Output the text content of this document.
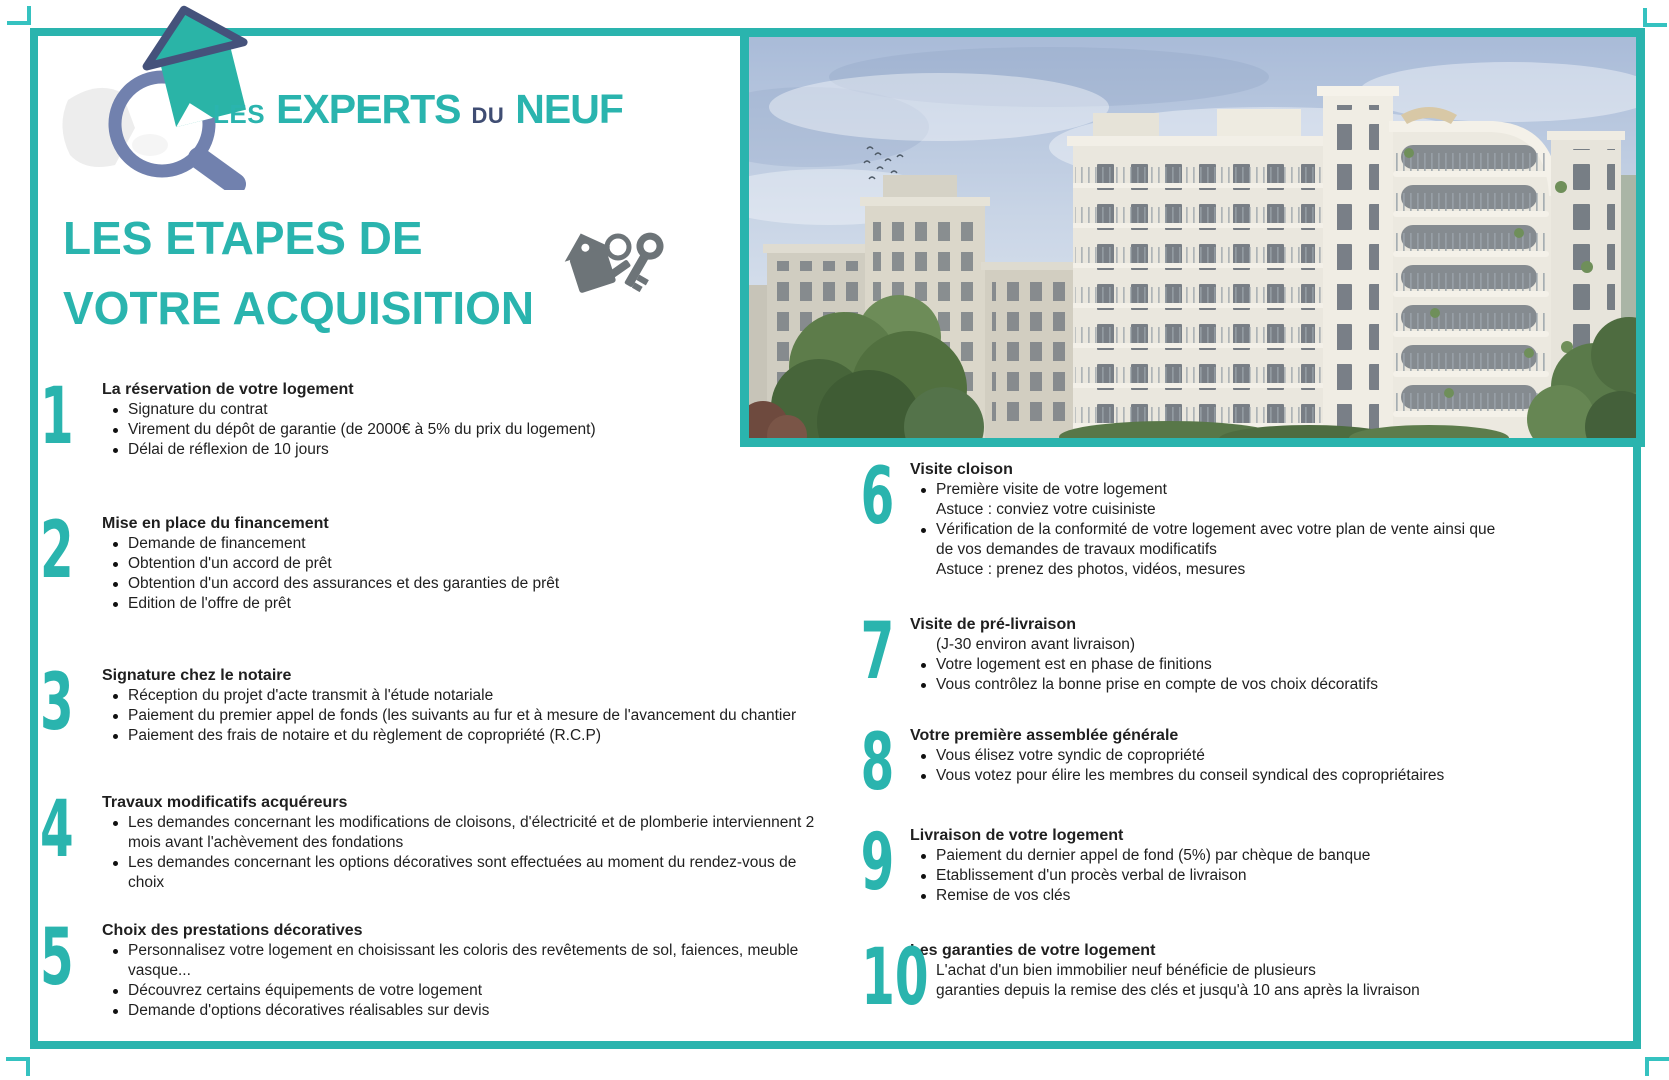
LES EXPERTS DU NEUF
LES ETAPES DE
VOTRE ACQUISITION
1	La réservation de votre logement
Signature du contrat
Virement du dépôt de garantie (de 2000€ à 5% du prix du logement)
Délai de réflexion de 10 jours
2	Mise en place du financement
Demande de financement
Obtention d'un accord de prêt
Obtention d'un accord des assurances et des garanties de prêt
Edition de l'offre de prêt
3	Signature chez le notaire
Réception du projet d'acte transmit à l'étude notariale
Paiement du premier appel de fonds (les suivants au fur et à mesure de l'avancement du chantier
Paiement des frais de notaire et du règlement de copropriété (R.C.P)
4	Travaux modificatifs acquéreurs
Les demandes concernant les modifications de cloisons, d'électricité et de plomberie interviennent 2 mois avant l'achèvement des fondations
Les demandes concernant les options décoratives sont effectuées au moment du rendez-vous de choix
5	Choix des prestations décoratives
Personnalisez votre logement en choisissant les coloris des revêtements de sol, faiences, meuble vasque...
Découvrez certains équipements de votre logement
Demande d'options décoratives réalisables sur devis
6 Visite cloison
Première visite de votre logement
Astuce : conviez votre cuisiniste
Vérification de la conformité de votre logement avec votre plan de vente ainsi que de vos demandes de travaux modificatifs
Astuce : prenez des photos, vidéos, mesures
7 Visite de pré-livraison
(J-30 environ avant livraison)
Votre logement est en phase de finitions
Vous contrôlez la bonne prise en compte de vos choix décoratifs
8 Votre première assemblée générale
Vous élisez votre syndic de copropriété
Vous votez pour élire les membres du conseil syndical des copropriétaires
9 Livraison de votre logement
Paiement du dernier appel de fond (5%) par chèque de banque
Etablissement d'un procès verbal de livraison
Remise de vos clés
10
Les garanties de votre logement
L'achat d'un bien immobilier neuf bénéficie de plusieurs
garanties depuis la remise des clés et jusqu'à 10 ans après la livraison
